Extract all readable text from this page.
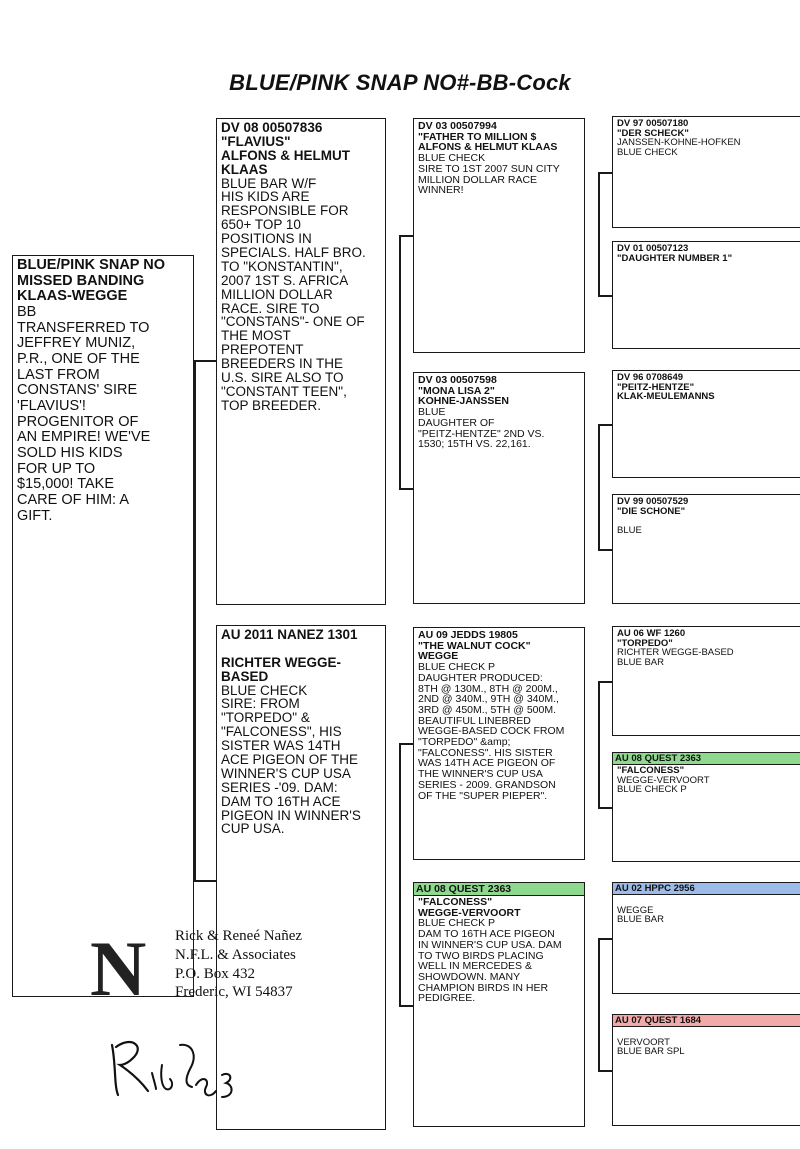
BLUE/PINK SNAP NO#-BB-Cock
BLUE/PINK SNAP NO
MISSED BANDING
KLAAS-WEGGE
BB
TRANSFERRED TO
JEFFREY MUNIZ,
P.R., ONE OF THE
LAST FROM
CONSTANS' SIRE
'FLAVIUS'!
PROGENITOR OF
AN EMPIRE! WE'VE
SOLD HIS KIDS
FOR UP TO
$15,000! TAKE
CARE OF HIM: A
GIFT.
DV 08 00507836
"FLAVIUS"
ALFONS & HELMUT KLAAS
BLUE BAR W/F
HIS KIDS ARE
RESPONSIBLE FOR
650+ TOP 10
POSITIONS IN
SPECIALS. HALF BRO.
TO "KONSTANTIN",
2007 1ST S. AFRICA
MILLION DOLLAR
RACE. SIRE TO
"CONSTANS"- ONE OF
THE MOST
PREPOTENT
BREEDERS IN THE
U.S. SIRE ALSO TO
"CONSTANT TEEN",
TOP BREEDER.
AU 2011 NANEZ 1301

RICHTER WEGGE-BASED
BLUE CHECK
SIRE: FROM
"TORPEDO" &
"FALCONESS", HIS
SISTER WAS 14TH
ACE PIGEON OF THE
WINNER'S CUP USA
SERIES -'09. DAM:
DAM TO 16TH ACE
PIGEON IN WINNER'S
CUP USA.
DV 03 00507994
"FATHER TO MILLION $
ALFONS & HELMUT KLAAS
BLUE CHECK
SIRE TO 1ST 2007 SUN CITY
MILLION DOLLAR RACE
WINNER!
DV 03 00507598
"MONA LISA 2"
KOHNE-JANSSEN
BLUE
DAUGHTER OF
"PEITZ-HENTZE" 2ND VS.
1530; 15TH VS. 22,161.
AU 09 JEDDS 19805
"THE WALNUT COCK"
WEGGE
BLUE CHECK P
DAUGHTER PRODUCED:
8TH @ 130M., 8TH @ 200M.,
2ND @ 340M., 9TH @ 340M.,
3RD @ 450M., 5TH @ 500M.
BEAUTIFUL LINEBRED
WEGGE-BASED COCK FROM
"TORPEDO" &amp;
"FALCONESS". HIS SISTER
WAS 14TH ACE PIGEON OF
THE WINNER'S CUP USA
SERIES - 2009. GRANDSON
OF THE "SUPER PIEPER".
AU 08 QUEST 2363
"FALCONESS"
WEGGE-VERVOORT
BLUE CHECK P
DAM TO 16TH ACE PIGEON
IN WINNER'S CUP USA. DAM
TO TWO BIRDS PLACING
WELL IN MERCEDES &
SHOWDOWN. MANY
CHAMPION BIRDS IN HER
PEDIGREE.
DV 97 00507180
"DER SCHECK"
JANSSEN-KOHNE-HOFKEN
BLUE CHECK
DV 01 00507123
"DAUGHTER NUMBER 1"
DV 96 0708649
"PEITZ-HENTZE"
KLAK-MEULEMANNS
DV 99 00507529
"DIE SCHONE"

BLUE
AU 06 WF 1260
"TORPEDO"
RICHTER WEGGE-BASED
BLUE BAR
AU 08 QUEST 2363
"FALCONESS"
WEGGE-VERVOORT
BLUE CHECK P
AU 02 HPPC 2956

WEGGE
BLUE BAR
AU 07 QUEST 1684

VERVOORT
BLUE BAR SPL
N Rick & Reneé Nañez
N.F.L. & Associates
P.O. Box 432
Frederic, WI 54837
